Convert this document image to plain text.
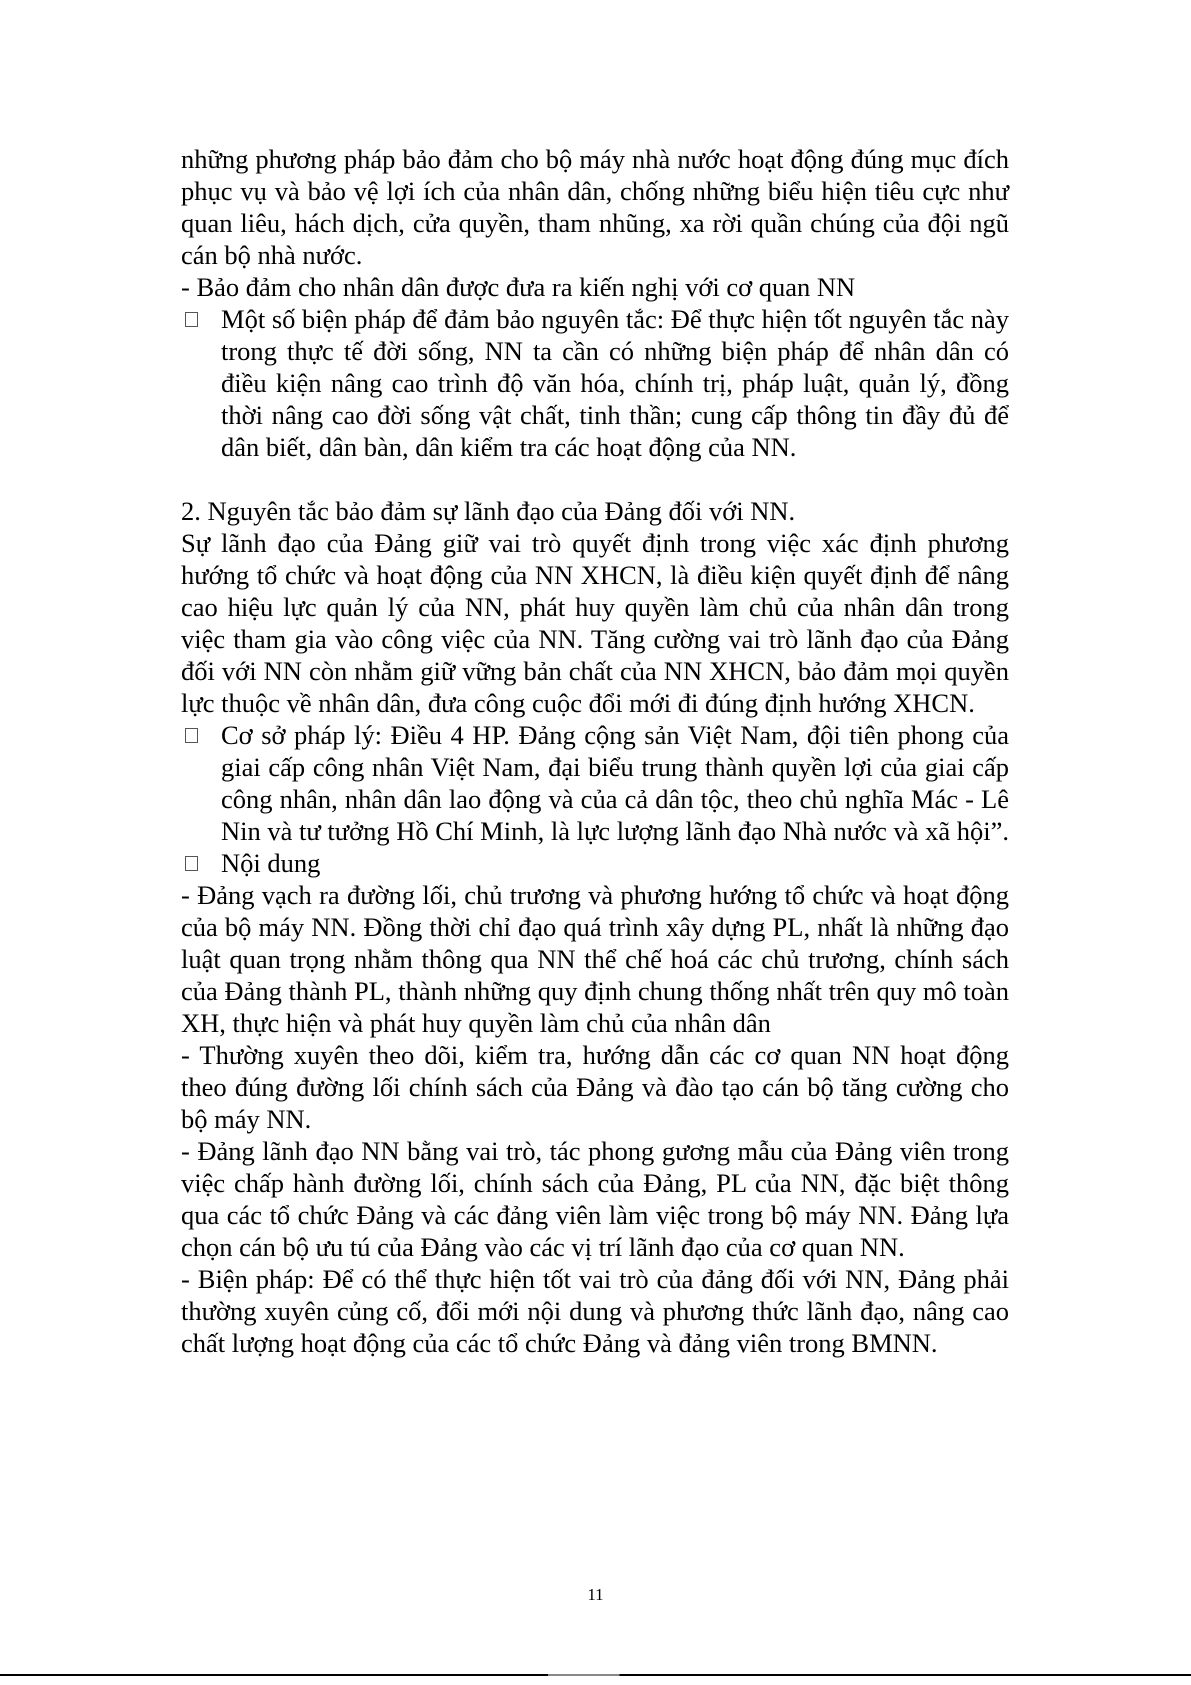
những phương pháp bảo đảm cho bộ máy nhà nước hoạt động đúng mục đích phục vụ và bảo vệ lợi ích của nhân dân, chống những biểu hiện tiêu cực như quan liêu, hách dịch, cửa quyền, tham nhũng, xa rời quần chúng của đội ngũ cán bộ nhà nước.

- Bảo đảm cho nhân dân được đưa ra kiến nghị với cơ quan NN

Một số biện pháp để đảm bảo nguyên tắc: Để thực hiện tốt nguyên tắc này trong thực tế đời sống, NN ta cần có những biện pháp để nhân dân có điều kiện nâng cao trình độ văn hóa, chính trị, pháp luật, quản lý, đồng thời nâng cao đời sống vật chất, tinh thần; cung cấp thông tin đầy đủ để dân biết, dân bàn, dân kiểm tra các hoạt động của NN.

2. Nguyên tắc bảo đảm sự lãnh đạo của Đảng đối với NN.

Sự lãnh đạo của Đảng giữ vai trò quyết định trong việc xác định phương hướng tổ chức và hoạt động của NN XHCN, là điều kiện quyết định để nâng cao hiệu lực quản lý của NN, phát huy quyền làm chủ của nhân dân trong việc tham gia vào công việc của NN. Tăng cường vai trò lãnh đạo của Đảng đối với NN còn nhằm giữ vững bản chất của NN XHCN, bảo đảm mọi quyền lực thuộc về nhân dân, đưa công cuộc đổi mới đi đúng định hướng XHCN.

Cơ sở pháp lý: Điều 4 HP. Đảng cộng sản Việt Nam, đội tiên phong của giai cấp công nhân Việt Nam, đại biểu trung thành quyền lợi của giai cấp công nhân, nhân dân lao động và của cả dân tộc, theo chủ nghĩa Mác - Lê Nin và tư tưởng Hồ Chí Minh, là lực lượng lãnh đạo Nhà nước và xã hội”.

Nội dung

- Đảng vạch ra đường lối, chủ trương và phương hướng tổ chức và hoạt động của bộ máy NN. Đồng thời chỉ đạo quá trình xây dựng PL, nhất là những đạo luật quan trọng nhằm thông qua NN thể chế hoá các chủ trương, chính sách của Đảng thành PL, thành những quy định chung thống nhất trên quy mô toàn XH, thực hiện và phát huy quyền làm chủ của nhân dân

- Thường xuyên theo dõi, kiểm tra, hướng dẫn các cơ quan NN hoạt động theo đúng đường lối chính sách của Đảng và đào tạo cán bộ tăng cường cho bộ máy NN.

- Đảng lãnh đạo NN bằng vai trò, tác phong gương mẫu của Đảng viên trong việc chấp hành đường lối, chính sách của Đảng, PL của NN, đặc biệt thông qua các tổ chức Đảng và các đảng viên làm việc trong bộ máy NN. Đảng lựa chọn cán bộ ưu tú của Đảng vào các vị trí lãnh đạo của cơ quan NN.

- Biện pháp: Để có thể thực hiện tốt vai trò của đảng đối với NN, Đảng phải thường xuyên củng cố, đổi mới nội dung và phương thức lãnh đạo, nâng cao chất lượng hoạt động của các tổ chức Đảng và đảng viên trong BMNN.

11
